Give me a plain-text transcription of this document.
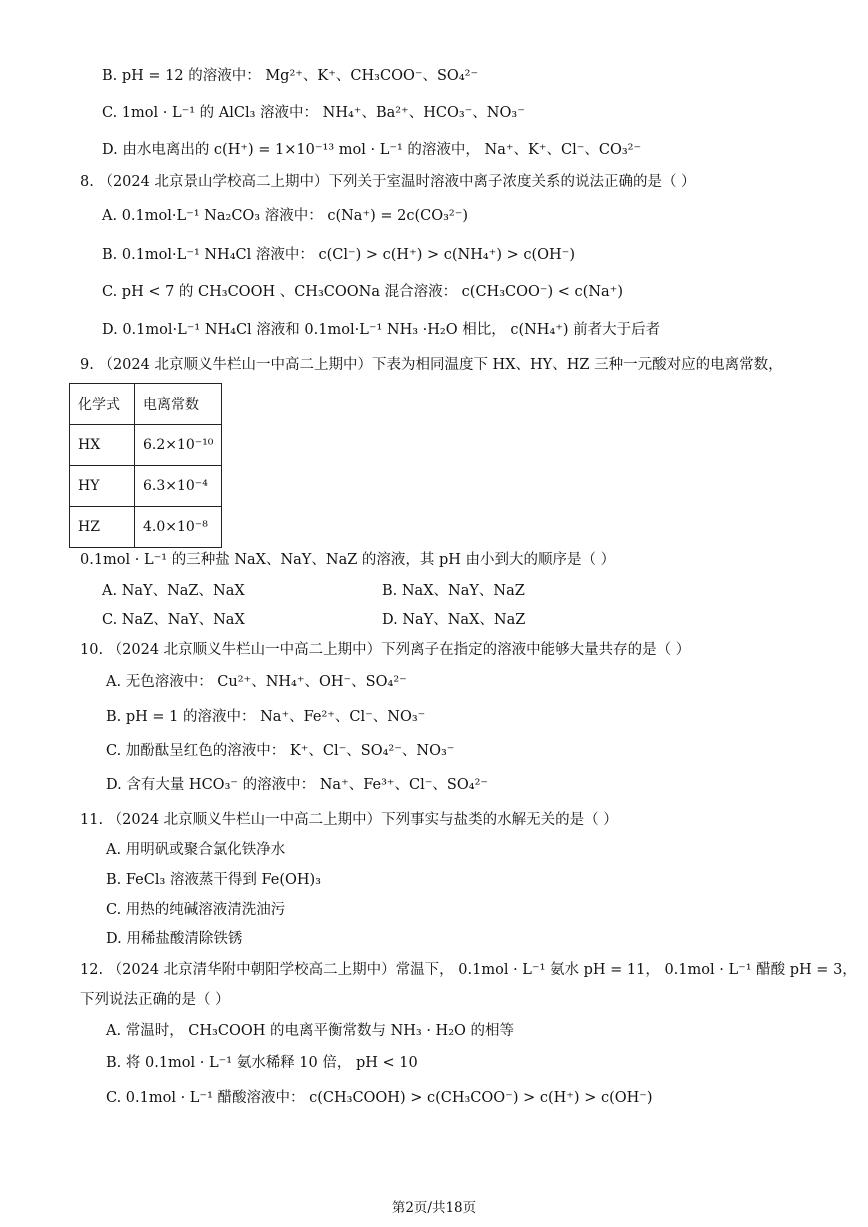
B. pH = 12 的溶液中： Mg²⁺、K⁺、CH₃COO⁻、SO₄²⁻
C. 1mol · L⁻¹ 的 AlCl₃ 溶液中： NH₄⁺、Ba²⁺、HCO₃⁻、NO₃⁻
D. 由水电离出的 c(H⁺) = 1×10⁻¹³ mol · L⁻¹ 的溶液中， Na⁺、K⁺、Cl⁻、CO₃²⁻
8. （2024 北京景山学校高二上期中）下列关于室温时溶液中离子浓度关系的说法正确的是（ ）
A. 0.1mol·L⁻¹ Na₂CO₃ 溶液中： c(Na⁺) = 2c(CO₃²⁻)
B. 0.1mol·L⁻¹ NH₄Cl 溶液中： c(Cl⁻) > c(H⁺) > c(NH₄⁺) > c(OH⁻)
C. pH < 7 的 CH₃COOH 、CH₃COONa 混合溶液： c(CH₃COO⁻) < c(Na⁺)
D. 0.1mol·L⁻¹ NH₄Cl 溶液和 0.1mol·L⁻¹ NH₃ ·H₂O 相比， c(NH₄⁺) 前者大于后者
9. （2024 北京顺义牛栏山一中高二上期中）下表为相同温度下 HX、HY、HZ 三种一元酸对应的电离常数，
化学式	电离常数
HX	6.2×10⁻¹⁰
HY	6.3×10⁻⁴
HZ	4.0×10⁻⁸
0.1mol · L⁻¹ 的三种盐 NaX、NaY、NaZ 的溶液，其 pH 由小到大的顺序是（ ）
A. NaY、NaZ、NaX	B. NaX、NaY、NaZ
C. NaZ、NaY、NaX	D. NaY、NaX、NaZ
10. （2024 北京顺义牛栏山一中高二上期中）下列离子在指定的溶液中能够大量共存的是（ ）
A. 无色溶液中： Cu²⁺、NH₄⁺、OH⁻、SO₄²⁻
B. pH = 1 的溶液中： Na⁺、Fe²⁺、Cl⁻、NO₃⁻
C. 加酚酞呈红色的溶液中： K⁺、Cl⁻、SO₄²⁻、NO₃⁻
D. 含有大量 HCO₃⁻ 的溶液中： Na⁺、Fe³⁺、Cl⁻、SO₄²⁻
11. （2024 北京顺义牛栏山一中高二上期中）下列事实与盐类的水解无关的是（ ）
A. 用明矾或聚合氯化铁净水
B. FeCl₃ 溶液蒸干得到 Fe(OH)₃
C. 用热的纯碱溶液清洗油污
D. 用稀盐酸清除铁锈
12. （2024 北京清华附中朝阳学校高二上期中）常温下， 0.1mol · L⁻¹ 氨水 pH = 11， 0.1mol · L⁻¹ 醋酸 pH = 3，
下列说法正确的是（ ）
A. 常温时， CH₃COOH 的电离平衡常数与 NH₃ · H₂O 的相等
B. 将 0.1mol · L⁻¹ 氨水稀释 10 倍， pH < 10
C. 0.1mol · L⁻¹ 醋酸溶液中： c(CH₃COOH) > c(CH₃COO⁻) > c(H⁺) > c(OH⁻)
第2页/共18页
